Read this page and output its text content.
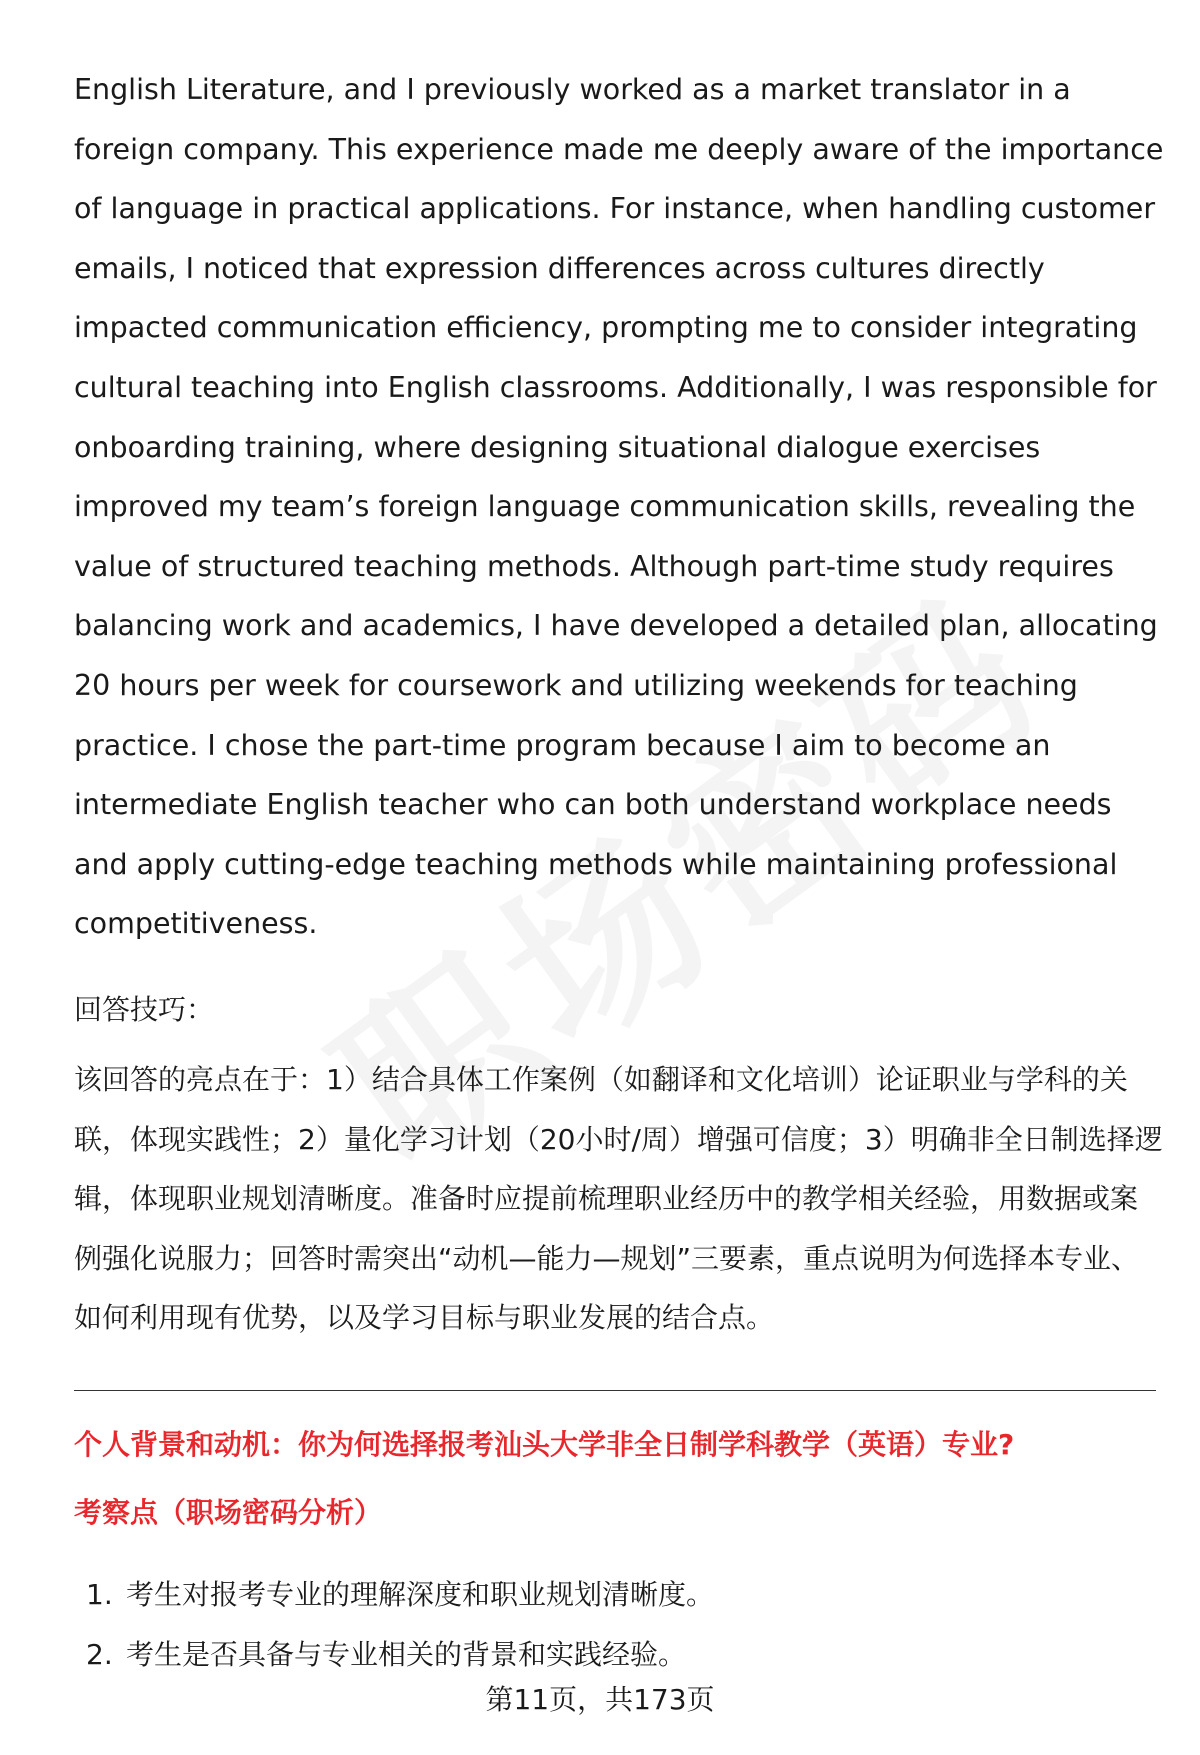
English Literature, and I previously worked as a market translator in a foreign company. This experience made me deeply aware of the importance of language in practical applications. For instance, when handling customer emails, I noticed that expression differences across cultures directly impacted communication efficiency, prompting me to consider integrating cultural teaching into English classrooms. Additionally, I was responsible for onboarding training, where designing situational dialogue exercises improved my team’s foreign language communication skills, revealing the value of structured teaching methods. Although part-time study requires balancing work and academics, I have developed a detailed plan, allocating 20 hours per week for coursework and utilizing weekends for teaching practice. I chose the part-time program because I aim to become an intermediate English teacher who can both understand workplace needs and apply cutting-edge teaching methods while maintaining professional competitiveness.

回答技巧：

该回答的亮点在于：1）结合具体工作案例（如翻译和文化培训）论证职业与学科的关联，体现实践性；2）量化学习计划（20小时/周）增强可信度；3）明确非全日制选择逻辑，体现职业规划清晰度。准备时应提前梳理职业经历中的教学相关经验，用数据或案例强化说服力；回答时需突出“动机—能力—规划”三要素，重点说明为何选择本专业、如何利用现有优势，以及学习目标与职业发展的结合点。

个人背景和动机：你为何选择报考汕头大学非全日制学科教学（英语）专业?

考察点（职场密码分析）

1. 考生对报考专业的理解深度和职业规划清晰度。
2. 考生是否具备与专业相关的背景和实践经验。

第11页，共173页
